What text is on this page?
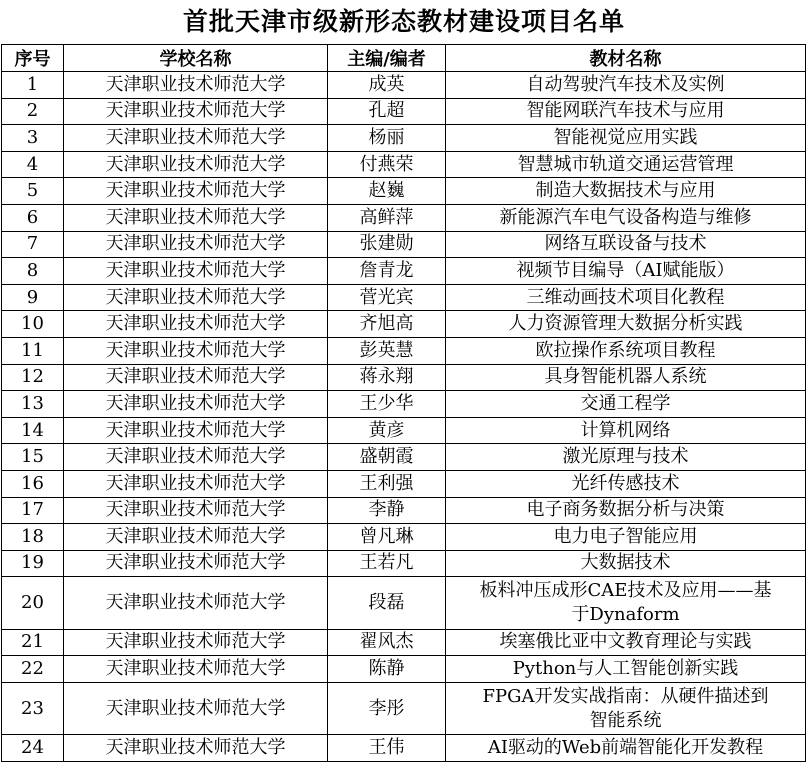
首批天津市级新形态教材建设项目名单
序号	学校名称	主编/编者	教材名称
1	天津职业技术师范大学	成英	自动驾驶汽车技术及实例
2	天津职业技术师范大学	孔超	智能网联汽车技术与应用
3	天津职业技术师范大学	杨丽	智能视觉应用实践
4	天津职业技术师范大学	付燕荣	智慧城市轨道交通运营管理
5	天津职业技术师范大学	赵巍	制造大数据技术与应用
6	天津职业技术师范大学	高鲜萍	新能源汽车电气设备构造与维修
7	天津职业技术师范大学	张建勋	网络互联设备与技术
8	天津职业技术师范大学	詹青龙	视频节目编导（AI赋能版）
9	天津职业技术师范大学	菅光宾	三维动画技术项目化教程
10	天津职业技术师范大学	齐旭高	人力资源管理大数据分析实践
11	天津职业技术师范大学	彭英慧	欧拉操作系统项目教程
12	天津职业技术师范大学	蒋永翔	具身智能机器人系统
13	天津职业技术师范大学	王少华	交通工程学
14	天津职业技术师范大学	黄彦	计算机网络
15	天津职业技术师范大学	盛朝霞	激光原理与技术
16	天津职业技术师范大学	王利强	光纤传感技术
17	天津职业技术师范大学	李静	电子商务数据分析与决策
18	天津职业技术师范大学	曾凡琳	电力电子智能应用
19	天津职业技术师范大学	王若凡	大数据技术
20	天津职业技术师范大学	段磊	板料冲压成形CAE技术及应用——基
于Dynaform

21	天津职业技术师范大学	翟风杰	埃塞俄比亚中文教育理论与实践
22	天津职业技术师范大学	陈静	Python与人工智能创新实践
23	天津职业技术师范大学	李彤	FPGA开发实战指南：从硬件描述到
智能系统

24	天津职业技术师范大学	王伟	AI驱动的Web前端智能化开发教程
